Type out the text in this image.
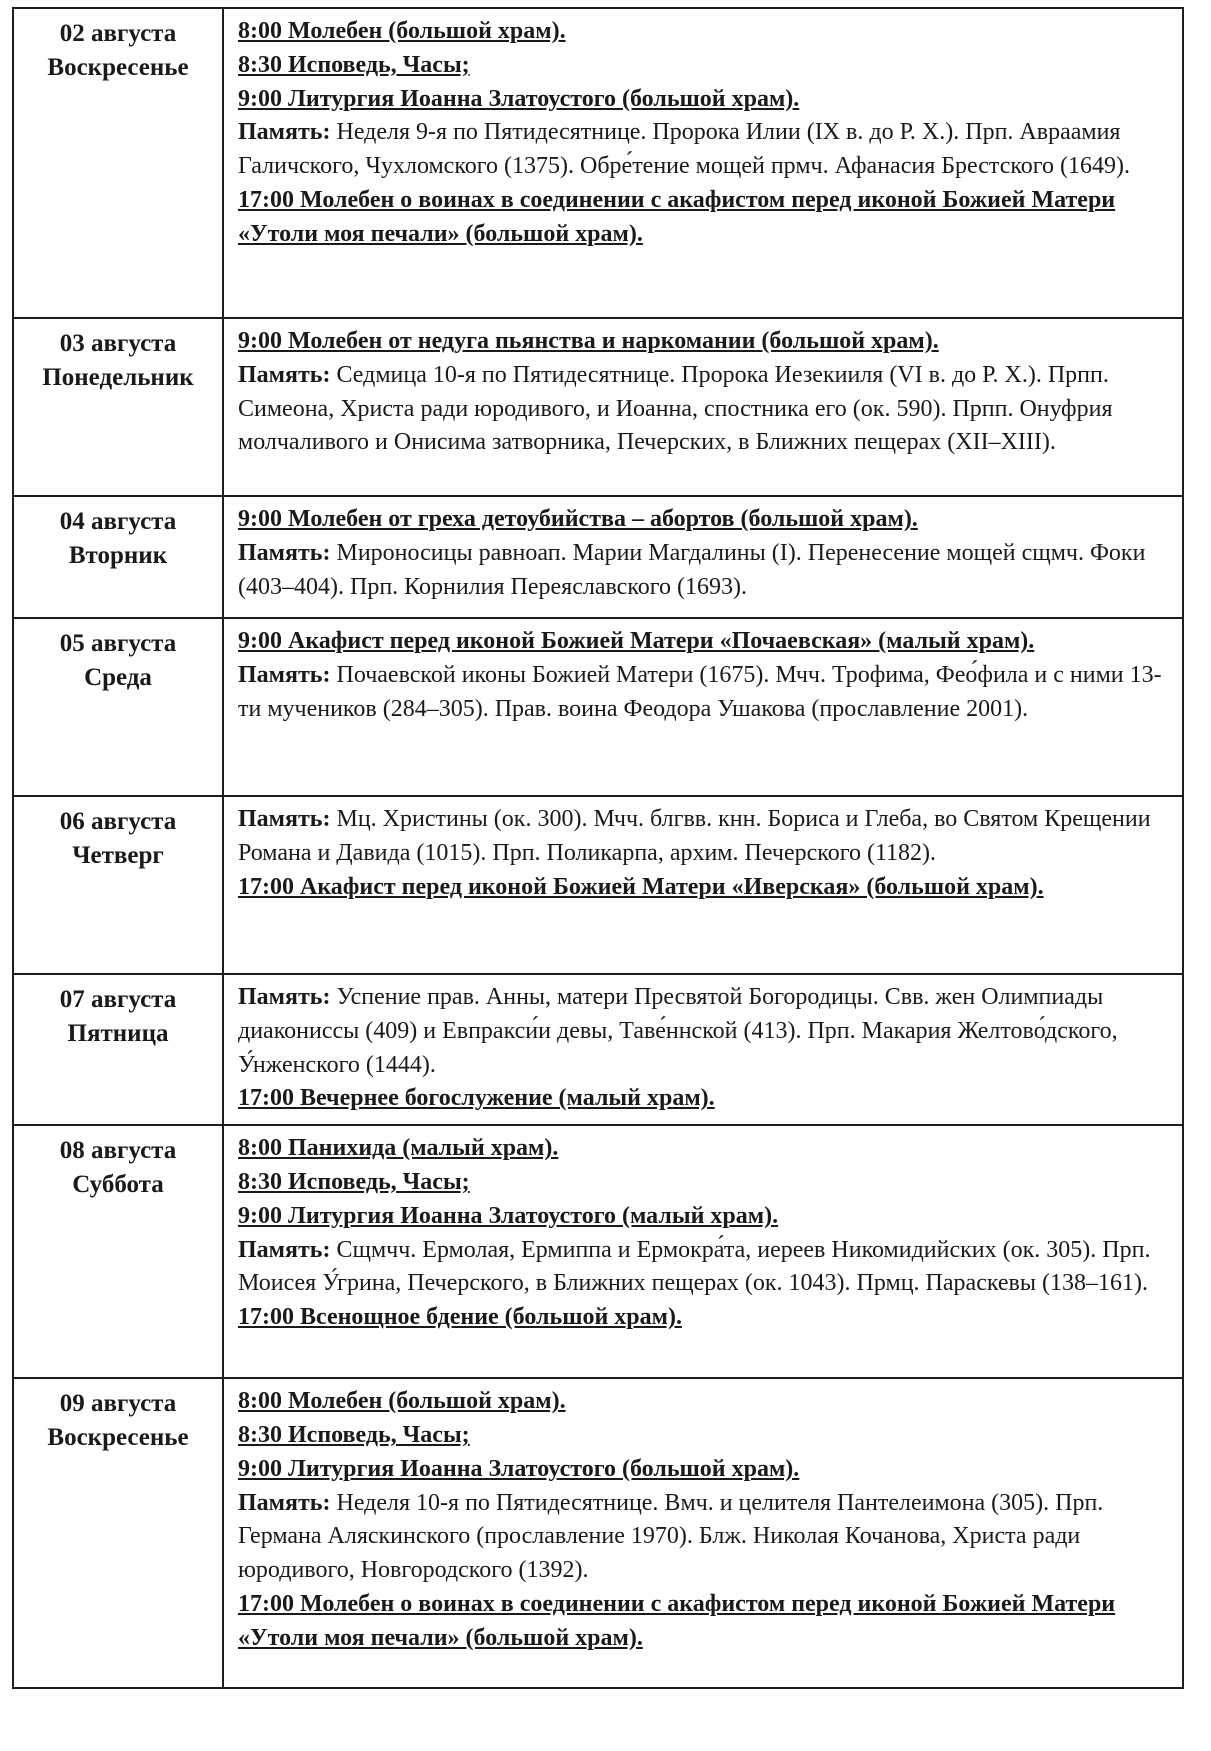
02 августа
Воскресенье	8:00 Молебен (большой храм).
8:30 Исповедь, Часы;
9:00 Литургия Иоанна Златоустого (большой храм).
Память: Неделя 9-я по Пятидесятнице. Пророка Илии (IX в. до Р. Х.). Прп. Авраамия Галичского, Чухломского (1375). Обре́тение мощей прмч. Афанасия Брестского (1649).
17:00 Молебен о воинах в соединении с акафистом перед иконой Божией Матери «Утоли моя печали» (большой храм).

03 августа
Понедельник	9:00 Молебен от недуга пьянства и наркомании (большой храм).
Память: Седмица 10-я по Пятидесятнице. Пророка Иезекииля (VI в. до Р. Х.). Прпп. Симеона, Христа ради юродивого, и Иоанна, спостника его (ок. 590). Прпп. Онуфрия молчаливого и Онисима затворника, Печерских, в Ближних пещерах (XII–XIII).

04 августа
Вторник	9:00 Молебен от греха детоубийства – абортов (большой храм).
Память: Мироносицы равноап. Марии Магдалины (I). Перенесение мощей сщмч. Фоки (403–404). Прп. Корнилия Переяславского (1693).

05 августа
Среда	9:00 Акафист перед иконой Божией Матери «Почаевская» (малый храм).
Память: Почаевской иконы Божией Матери (1675). Мчч. Трофима, Фео́фила и с ними 13-ти мучеников (284–305). Прав. воина Феодора Ушакова (прославление 2001).

06 августа
Четверг	Память: Мц. Христины (ок. 300). Мчч. блгвв. кнн. Бориса и Глеба, во Святом Крещении Романа и Давида (1015). Прп. Поликарпа, архим. Печерского (1182).
17:00 Акафист перед иконой Божией Матери «Иверская» (большой храм).

07 августа
Пятница	Память: Успение прав. Анны, матери Пресвятой Богородицы. Свв. жен Олимпиады диакониссы (409) и Евпракси́и девы, Таве́ннской (413). Прп. Макария Желтово́дского, У́нженского (1444).
17:00 Вечернее богослужение (малый храм).

08 августа
Суббота	8:00 Панихида (малый храм).
8:30 Исповедь, Часы;
9:00 Литургия Иоанна Златоустого (малый храм).
Память: Сщмчч. Ермолая, Ермиппа и Ермокра́та, иереев Никомидийских (ок. 305). Прп. Моисея У́грина, Печерского, в Ближних пещерах (ок. 1043). Прмц. Параскевы (138–161).
17:00 Всенощное бдение (большой храм).

09 августа
Воскресенье	8:00 Молебен (большой храм).
8:30 Исповедь, Часы;
9:00 Литургия Иоанна Златоустого (большой храм).
Память: Неделя 10-я по Пятидесятнице. Вмч. и целителя Пантелеимона (305). Прп. Германа Аляскинского (прославление 1970). Блж. Николая Кочанова, Христа ради юродивого, Новгородского (1392).
17:00 Молебен о воинах в соединении с акафистом перед иконой Божией Матери «Утоли моя печали» (большой храм).
